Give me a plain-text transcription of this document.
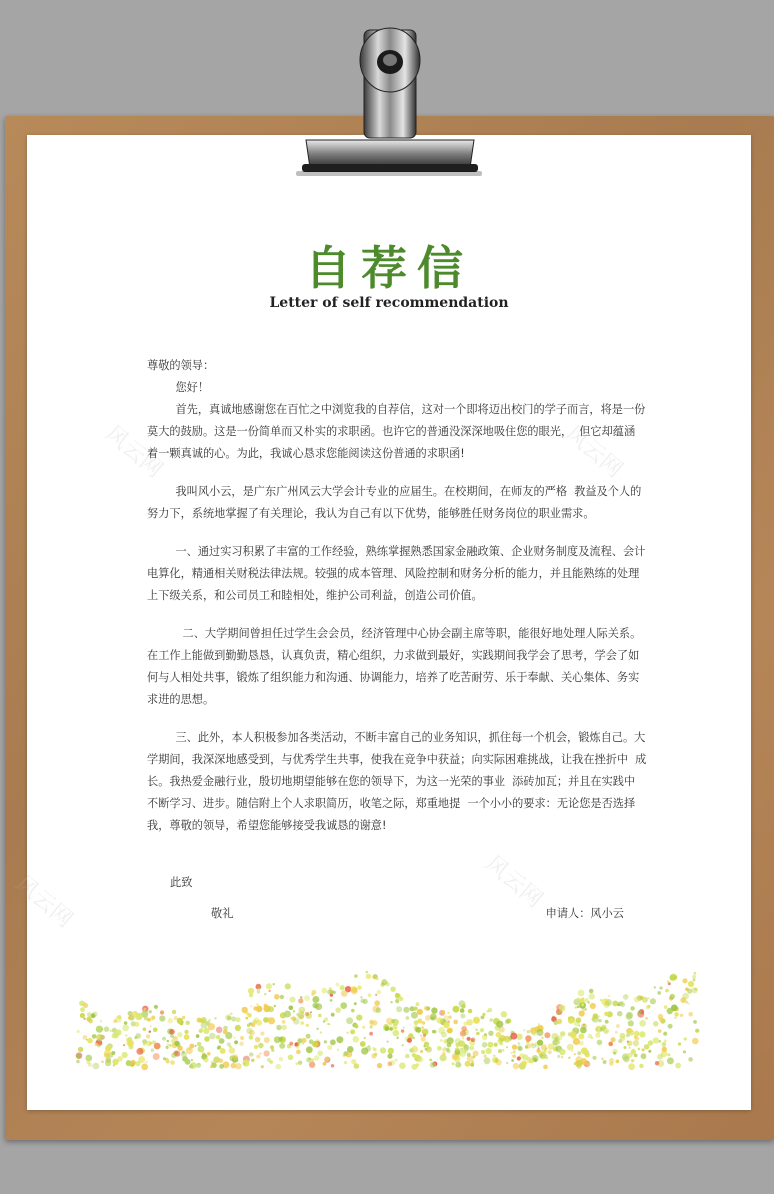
风云网	风云网
风云网	风云网
自荐信
Letter of self recommendation
尊敬的领导：
您好！
首先，真诚地感谢您在百忙之中浏览我的自荐信，这对一个即将迈出校门的学子而言，将是一份
莫大的鼓励。这是一份简单而又朴实的求职函。也许它的普通没深深地吸住您的眼光，  但它却蕴涵
着一颗真诚的心。为此，我诚心恳求您能阅读这份普通的求职函!
我叫风小云，是广东广州风云大学会计专业的应届生。在校期间，在师友的严格  教益及个人的
努力下，系统地掌握了有关理论，我认为自己有以下优势，能够胜任财务岗位的职业需求。
一、通过实习积累了丰富的工作经验，熟练掌握熟悉国家金融政策、企业财务制度及流程、会计
电算化，精通相关财税法律法规。较强的成本管理、风险控制和财务分析的能力，并且能熟练的处理
上下级关系，和公司员工和睦相处，维护公司利益，创造公司价值。
二、大学期间曾担任过学生会会员，经济管理中心协会副主席等职，能很好地处理人际关系。
在工作上能做到勤勤恳恳，认真负责，精心组织，力求做到最好，实践期间我学会了思考，学会了如
何与人相处共事，锻炼了组织能力和沟通、协调能力，培养了吃苦耐劳、乐于奉献、关心集体、务实
求进的思想。
三、此外，本人积极参加各类活动，不断丰富自己的业务知识，抓住每一个机会，锻炼自己。大
学期间，我深深地感受到，与优秀学生共事，使我在竞争中获益；向实际困难挑战，让我在挫折中  成
长。我热爱金融行业，殷切地期望能够在您的领导下，为这一光荣的事业  添砖加瓦；并且在实践中
不断学习、进步。随信附上个人求职简历，收笔之际，郑重地提  一个小小的要求：无论您是否选择
我，尊敬的领导，希望您能够接受我诚恳的谢意!
此致
敬礼	申请人：风小云
